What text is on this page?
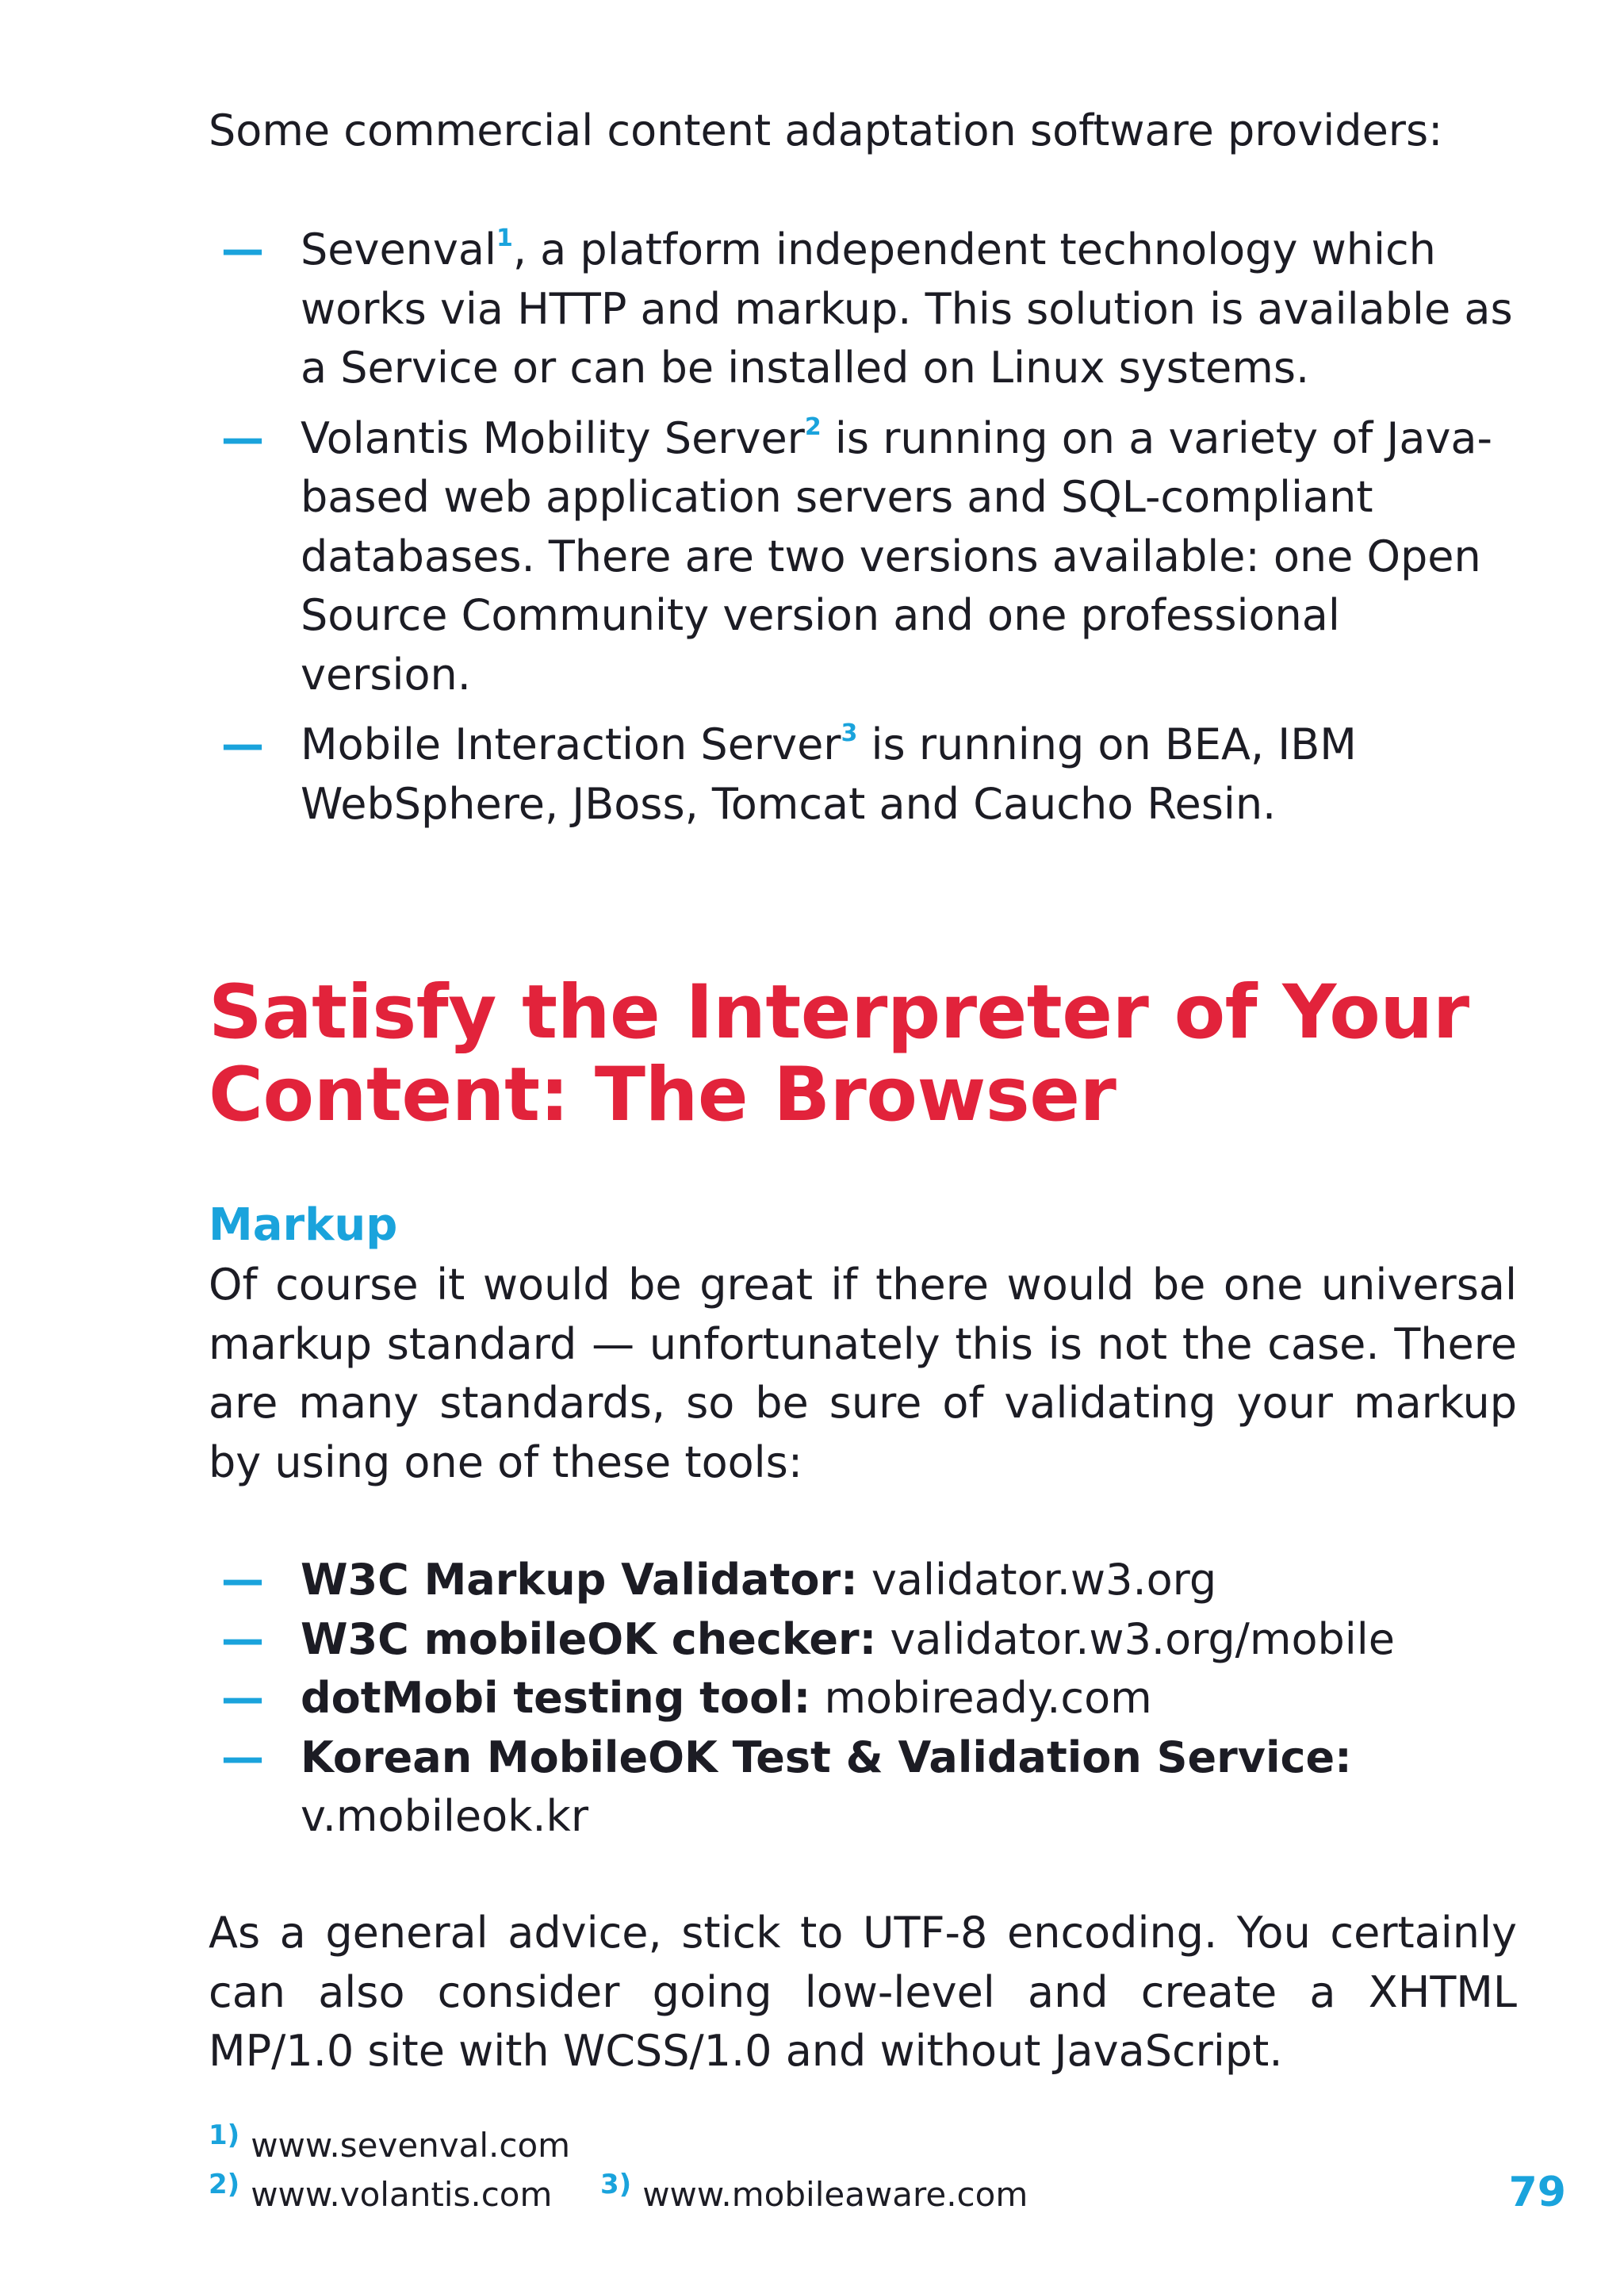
Some commercial content adaptation software providers:

— Sevenval$^1$, a platform independent technology which works via HTTP and markup. This solution is available as a Service or can be installed on Linux systems.
— Volantis Mobility Server$^2$ is running on a variety of Java-based web application servers and SQL-compliant databases. There are two versions available: one Open Source Community version and one professional version.
— Mobile Interaction Server$^3$ is running on BEA, IBM WebSphere, JBoss, Tomcat and Caucho Resin.
Satisfy the Interpreter of Your Content: The Browser
Markup

Of course it would be great if there would be one universal markup standard — unfortunately this is not the case. There are many standards, so be sure of validating your markup by using one of these tools:

— W3C Markup Validator: validator.w3.org
— W3C mobileOK checker: validator.w3.org/mobile
— dotMobi testing tool: mobiready.com
— Korean MobileOK Test & Validation Service:
v.mobileok.kr

As a general advice, stick to UTF-8 encoding. You certainly can also consider going low-level and create a XHTML MP/1.0 site with WCSS/1.0 and without JavaScript.

$^{1)}$ www.sevenval.com
$^{2)}$ www.volantis.com $^{3)}$ www.mobileaware.com	79
